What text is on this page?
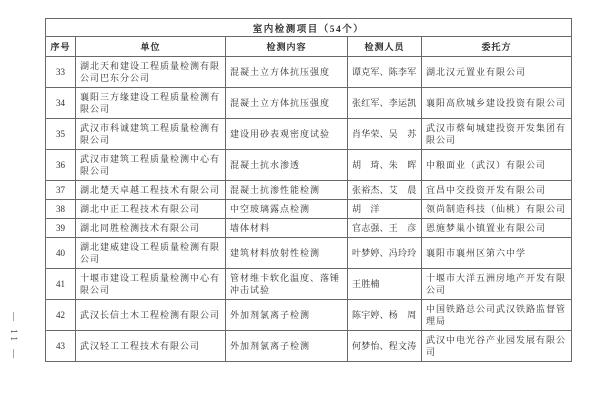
室内检测项目（54个）				
序号	单位	检测内容	检测人员	委托方
33	湖北天和建设工程质量检测有限公司巴东分公司	混凝土立方体抗压强度	谭克军、陈李军	湖北汉元置业有限公司
34	襄阳三方缘建设工程质量检测有限公司	混凝土立方体抗压强度	张红军、李运凯	襄阳高欣城乡建设投资有限公司
35	武汉市科诚建筑工程质量检测有限公司	建设用砂表观密度试验	肖华荣、吴　苏	武汉市蔡甸城建投资开发集团有限公司
36	武汉市建筑工程质量检测中心有限公司	混凝土抗水渗透	胡　琦、朱　晖	中粮面业（武汉）有限公司
37	湖北楚天卓越工程技术有限公司	混凝土抗渗性能检测	张裕杰、艾　晨	宜昌中交投资开发有限公司
38	湖北中正工程技术有限公司	中空玻璃露点检测	胡　洋	领尚制造科技（仙桃）有限公司
39	湖北同胜检测技术有限公司	墙体材料	官志强、王　彦	恩施梦巢小镇置业有限公司
40	湖北建威建设工程质量检测有限公司	建筑材料放射性检测	叶梦婷、冯玲玲	襄阳市襄州区第六中学
41	十堰市建设工程质量检测中心有限公司	管材维卡软化温度、落锤冲击试验	王胜楠	十堰市大洋五洲房地产开发有限公司
42	武汉长信土木工程检测有限公司	外加剂氯离子检测	陈宇婷、杨　周	中国铁路总公司武汉铁路监督管理局
43	武汉轻工工程技术有限公司	外加剂氯离子检测	何梦怡、程文涛	武汉中电光谷产业园发展有限公司
— 11 —
